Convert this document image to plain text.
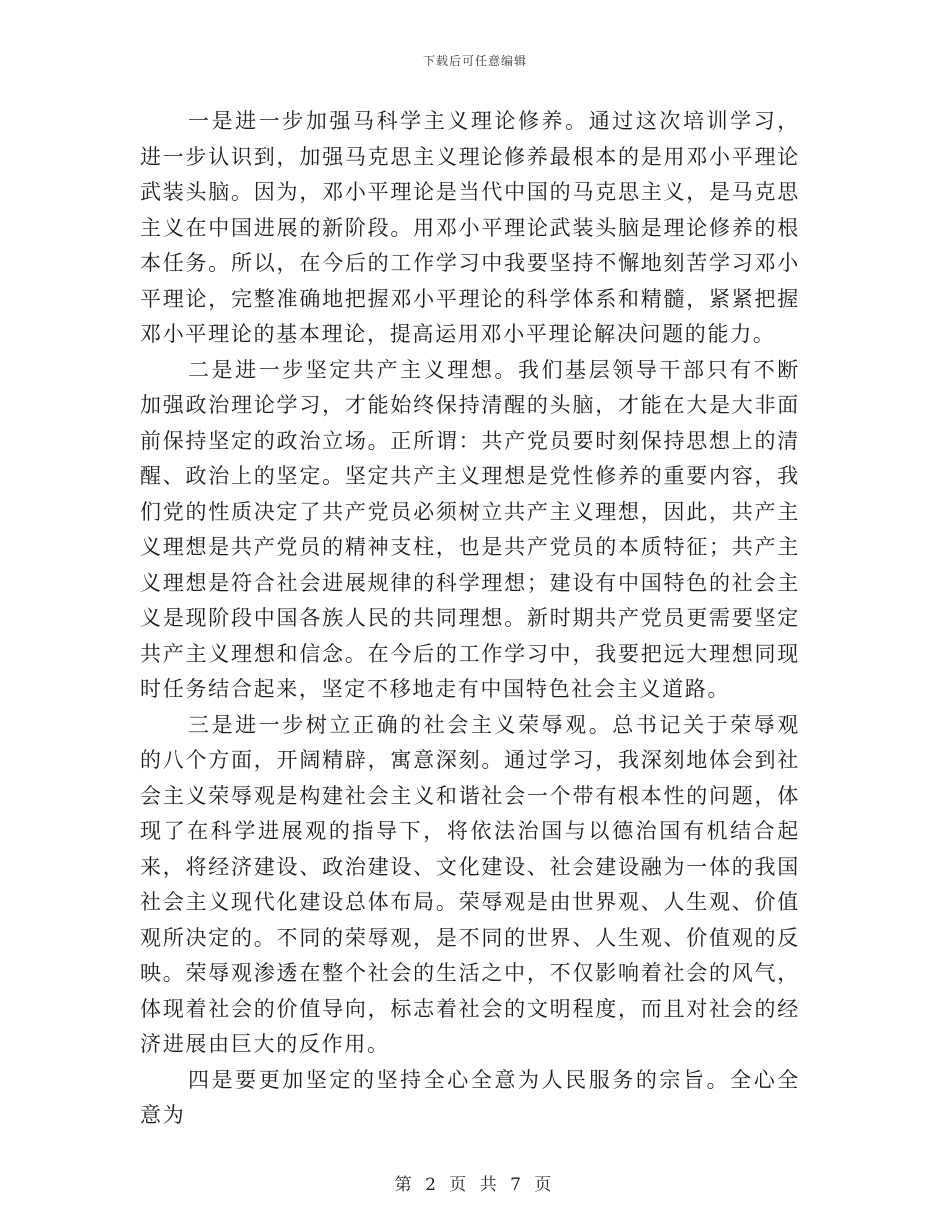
下载后可任意编辑

一是进一步加强马科学主义理论修养。通过这次培训学习，进一步认识到，加强马克思主义理论修养最根本的是用邓小平理论武装头脑。因为，邓小平理论是当代中国的马克思主义，是马克思主义在中国进展的新阶段。用邓小平理论武装头脑是理论修养的根本任务。所以，在今后的工作学习中我要坚持不懈地刻苦学习邓小平理论，完整准确地把握邓小平理论的科学体系和精髓，紧紧把握邓小平理论的基本理论，提高运用邓小平理论解决问题的能力。

二是进一步坚定共产主义理想。我们基层领导干部只有不断加强政治理论学习，才能始终保持清醒的头脑，才能在大是大非面前保持坚定的政治立场。正所谓：共产党员要时刻保持思想上的清醒、政治上的坚定。坚定共产主义理想是党性修养的重要内容，我们党的性质决定了共产党员必须树立共产主义理想，因此，共产主义理想是共产党员的精神支柱，也是共产党员的本质特征；共产主义理想是符合社会进展规律的科学理想；建设有中国特色的社会主义是现阶段中国各族人民的共同理想。新时期共产党员更需要坚定共产主义理想和信念。在今后的工作学习中，我要把远大理想同现时任务结合起来，坚定不移地走有中国特色社会主义道路。

三是进一步树立正确的社会主义荣辱观。总书记关于荣辱观的八个方面，开阔精辟，寓意深刻。通过学习，我深刻地体会到社会主义荣辱观是构建社会主义和谐社会一个带有根本性的问题，体现了在科学进展观的指导下，将依法治国与以德治国有机结合起来，将经济建设、政治建设、文化建设、社会建设融为一体的我国社会主义现代化建设总体布局。荣辱观是由世界观、人生观、价值观所决定的。不同的荣辱观，是不同的世界、人生观、价值观的反映。荣辱观渗透在整个社会的生活之中，不仅影响着社会的风气，体现着社会的价值导向，标志着社会的文明程度，而且对社会的经济进展由巨大的反作用。

四是要更加坚定的坚持全心全意为人民服务的宗旨。全心全意为

第 2 页 共 7 页
